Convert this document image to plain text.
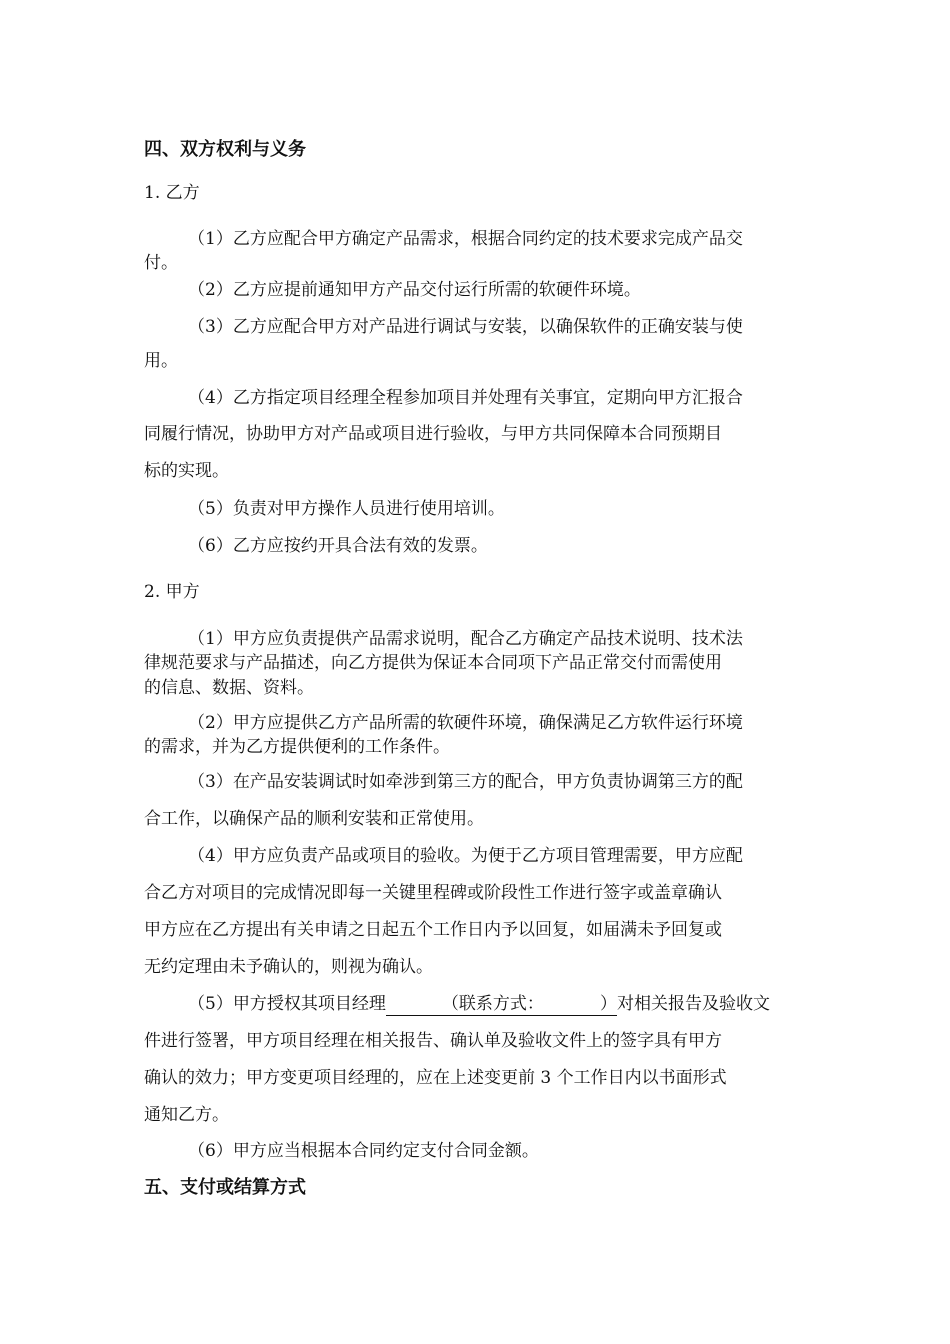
四、双方权利与义务
1. 乙方
（1）乙方应配合甲方确定产品需求，根据合同约定的技术要求完成产品交
付。
（2）乙方应提前通知甲方产品交付运行所需的软硬件环境。
（3）乙方应配合甲方对产品进行调试与安装，以确保软件的正确安装与使
用。
（4）乙方指定项目经理全程参加项目并处理有关事宜，定期向甲方汇报合
同履行情况，协助甲方对产品或项目进行验收，与甲方共同保障本合同预期目
标的实现。
（5）负责对甲方操作人员进行使用培训。
（6）乙方应按约开具合法有效的发票。
2. 甲方
（1）甲方应负责提供产品需求说明，配合乙方确定产品技术说明、技术法
律规范要求与产品描述，向乙方提供为保证本合同项下产品正常交付而需使用
的信息、数据、资料。
（2）甲方应提供乙方产品所需的软硬件环境，确保满足乙方软件运行环境
的需求，并为乙方提供便利的工作条件。
（3）在产品安装调试时如牵涉到第三方的配合，甲方负责协调第三方的配
合工作，以确保产品的顺利安装和正常使用。
（4）甲方应负责产品或项目的验收。为便于乙方项目管理需要，甲方应配
合乙方对项目的完成情况即每一关键里程碑或阶段性工作进行签字或盖章确认
甲方应在乙方提出有关申请之日起五个工作日内予以回复，如届满未予回复或
无约定理由未予确认的，则视为确认。
（5）甲方授权其项目经理	（联系方式：	）对相关报告及验收文
件进行签署，甲方项目经理在相关报告、确认单及验收文件上的签字具有甲方
确认的效力；甲方变更项目经理的，应在上述变更前 3 个工作日内以书面形式
通知乙方。
（6）甲方应当根据本合同约定支付合同金额。
五、支付或结算方式
